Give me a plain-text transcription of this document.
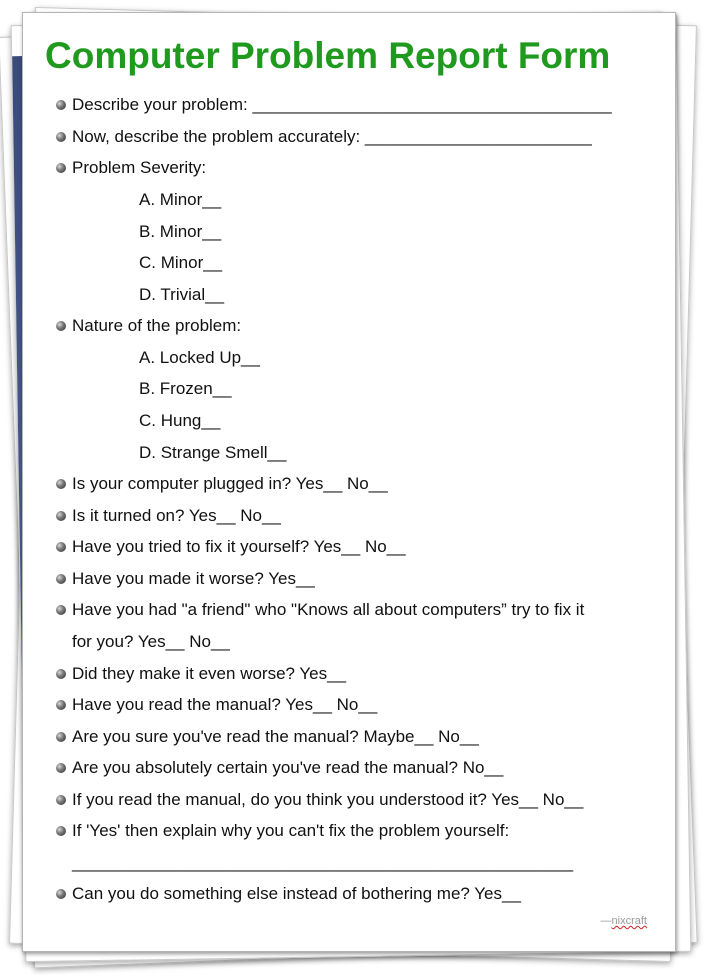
Computer Problem Report Form
Describe your problem: ______________________________________
Now, describe the problem accurately: ________________________
Problem Severity:
A. Minor__
B. Minor__
C. Minor__
D. Trivial__
Nature of the problem:
A. Locked Up__
B. Frozen__
C. Hung__
D. Strange Smell__
Is your computer plugged in? Yes__ No__
Is it turned on? Yes__ No__
Have you tried to fix it yourself? Yes__ No__
Have you made it worse? Yes__
Have you had "a friend" who "Knows all about computers” try to fix it
for you? Yes__ No__
Did they make it even worse? Yes__
Have you read the manual? Yes__ No__
Are you sure you've read the manual? Maybe__ No__
Are you absolutely certain you've read the manual? No__
If you read the manual, do you think you understood it? Yes__ No__
If 'Yes' then explain why you can't fix the problem yourself:
_____________________________________________________
Can you do something else instead of bothering me? Yes__
—nixcraft
